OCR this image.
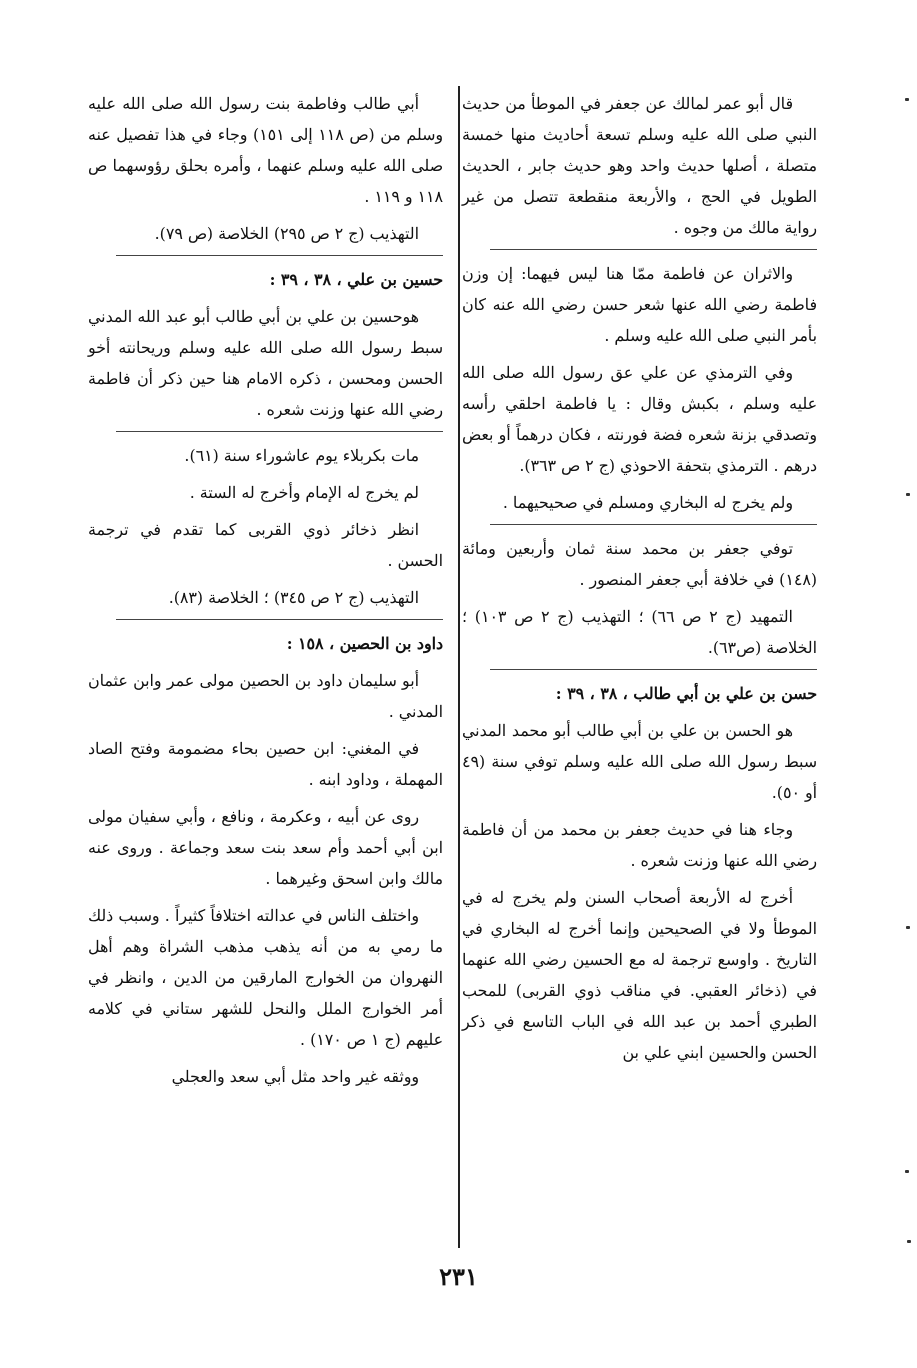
قال أبو عمر لمالك عن جعفر في الموطأ من حديث النبي صلى الله عليه وسلم تسعة أحاديث منها خمسة متصلة ، أصلها حديث واحد وهو حديث جابر ، الحديث الطويل في الحج ، والأربعة منقطعة تتصل من غير رواية مالك من وجوه .

والاثران عن فاطمة ممّا هنا ليس فيهما: إن وزن فاطمة رضي الله عنها شعر حسن رضي الله عنه كان بأمر النبي صلى الله عليه وسلم .

وفي الترمذي عن علي عق رسول الله صلى الله عليه وسلم ، بكبش وقال : يا فاطمة احلقي رأسه وتصدقي بزنة شعره فضة فورنته ، فكان درهماً أو بعض درهم . الترمذي بتحفة الاحوذي (ج ٢ ص ٣٦٣).

ولم يخرج له البخاري ومسلم في صحيحيهما .

توفي جعفر بن محمد سنة ثمان وأربعين ومائة (١٤٨) في خلافة أبي جعفر المنصور .

التمهيد (ج ٢ ص ٦٦) ؛ التهذيب (ج ٢ ص ١٠٣) ؛ الخلاصة (ص٦٣).

حسن بن علي بن أبي طالب ، ٣٨ ، ٣٩ :

هو الحسن بن علي بن أبي طالب أبو محمد المدني سبط رسول الله صلى الله عليه وسلم توفي سنة (٤٩ أو ٥٠).

وجاء هنا في حديث جعفر بن محمد من أن فاطمة رضي الله عنها وزنت شعره .

أخرج له الأربعة أصحاب السنن ولم يخرج له في الموطأ ولا في الصحيحين وإنما أخرج له البخاري في التاريخ . واوسع ترجمة له مع الحسين رضي الله عنهما في (ذخائر العقبي. في مناقب ذوي القربى) للمحب الطبري أحمد بن عبد الله في الباب التاسع في ذكر الحسن والحسين ابني علي بن

أبي طالب وفاطمة بنت رسول الله صلى الله عليه وسلم من (ص ١١٨ إلى ١٥١) وجاء في هذا تفصيل عنه صلى الله عليه وسلم عنهما ، وأمره بحلق رؤوسهما ص ١١٨ و ١١٩ .

التهذيب (ج ٢ ص ٢٩٥) الخلاصة (ص ٧٩).

حسين بن علي ، ٣٨ ، ٣٩ :

هوحسين بن علي بن أبي طالب أبو عبد الله المدني سبط رسول الله صلى الله عليه وسلم وريحانته أخو الحسن ومحسن ، ذكره الامام هنا حين ذكر أن فاطمة رضي الله عنها وزنت شعره .

مات بكربلاء يوم عاشوراء سنة (٦١).

لم يخرج له الإمام وأخرج له الستة .

انظر ذخائر ذوي القربى كما تقدم في ترجمة الحسن .

التهذيب (ج ٢ ص ٣٤٥) ؛ الخلاصة (٨٣).

داود بن الحصين ، ١٥٨ :

أبو سليمان داود بن الحصين مولى عمر وابن عثمان المدني .

في المغني: ابن حصين بحاء مضمومة وفتح الصاد المهملة ، وداود ابنه .

روى عن أبيه ، وعكرمة ، ونافع ، وأبي سفيان مولى ابن أبي أحمد وأم سعد بنت سعد وجماعة . وروى عنه مالك وابن اسحق وغيرهما .

واختلف الناس في عدالته اختلافاً كثيراً . وسبب ذلك ما رمي به من أنه يذهب مذهب الشراة وهم أهل النهروان من الخوارج المارقين من الدين ، وانظر في أمر الخوارج الملل والنحل للشهر ستاني في كلامه عليهم (ج ١ ص ١٧٠) .

ووثقه غير واحد مثل أبي سعد والعجلي

٢٣١
